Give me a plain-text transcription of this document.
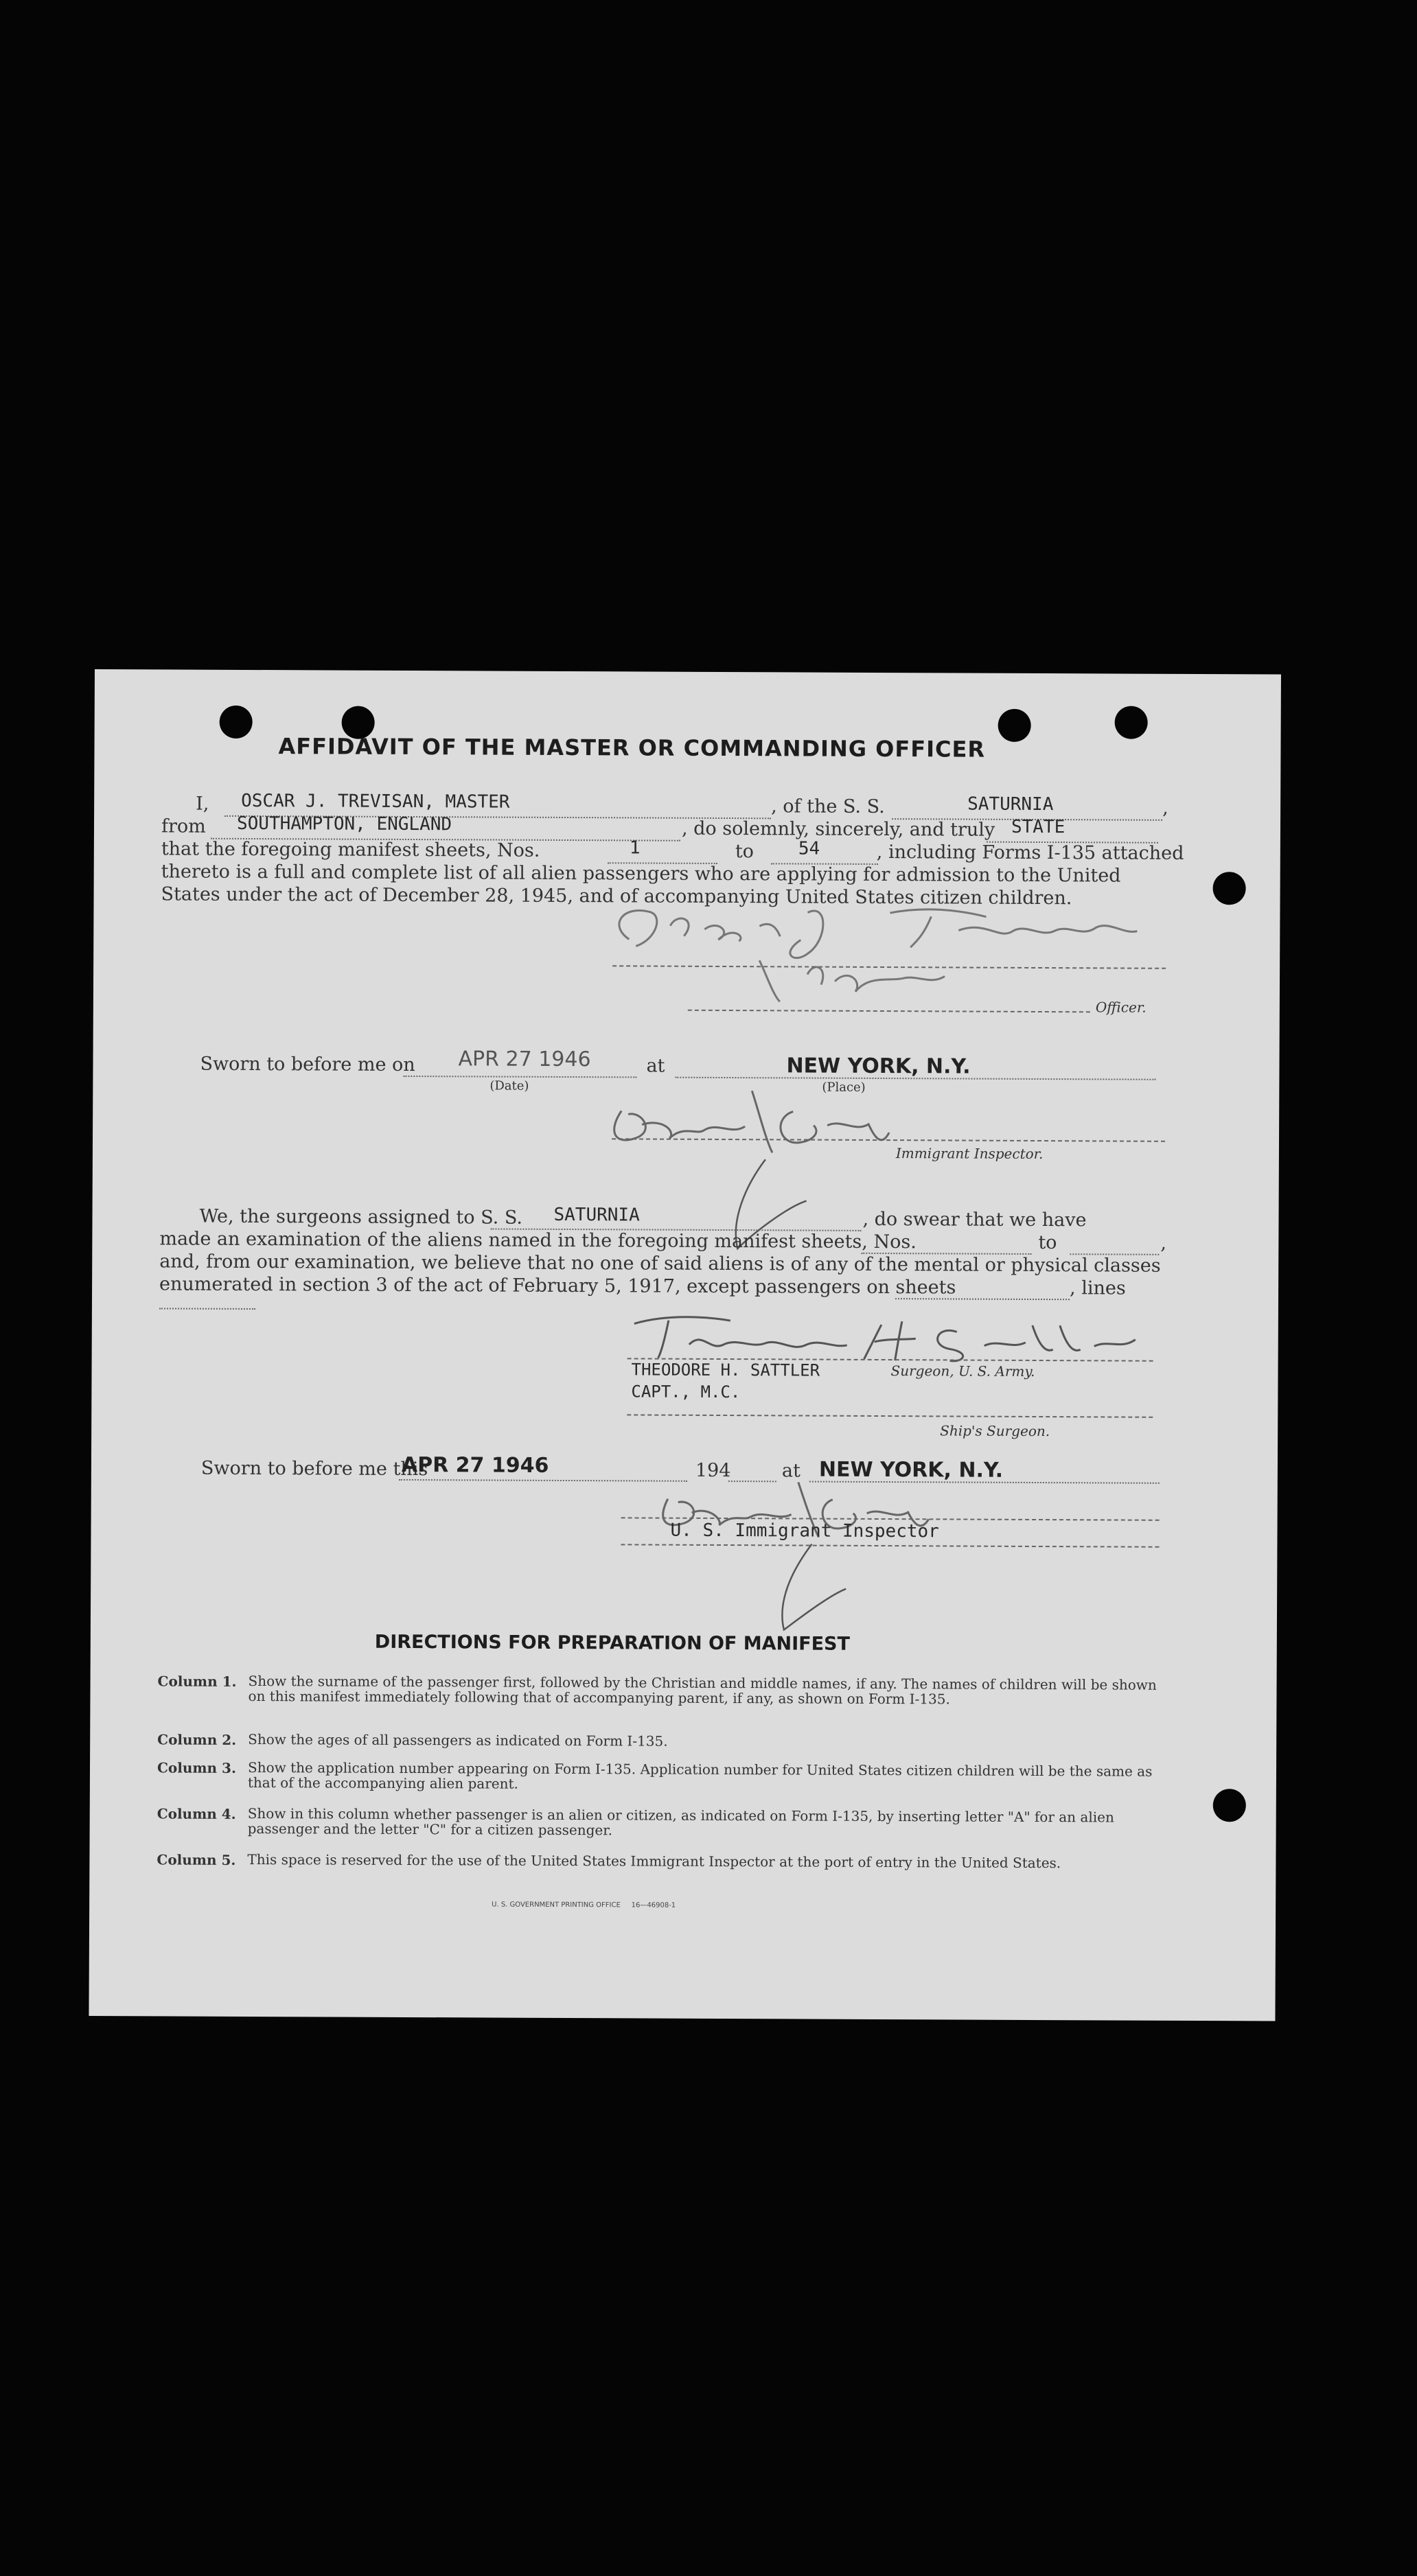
AFFIDAVIT OF THE MASTER OR COMMANDING OFFICER
I, OSCAR J. TREVISAN, MASTER	, of the S. S.	SATURNIA	,
from SOUTHAMPTON, ENGLAND	, do solemnly, sincerely, and truly STATE
that the foregoing manifest sheets, Nos.	1	to 54	, including Forms I-135 attached
thereto is a full and complete list of all alien passengers who are applying for admission to the United
States under the act of December 28, 1945, and of accompanying United States citizen children.
Officer.
Sworn to before me on APR 27 1946
(Date)
at	NEW YORK, N.Y.
(Place)
Immigrant Inspector.
We, the surgeons assigned to S. S. SATURNIA	, do swear that we have
made an examination of the aliens named in the foregoing manifest sheets, Nos.	to	,
and, from our examination, we believe that no one of said aliens is of any of the mental or physical classes
enumerated in section 3 of the act of February 5, 1917, except passengers on sheets	, lines
THEODORE H. SATTLER	Surgeon, U. S. Army.
CAPT., M.C.
Ship's Surgeon.
Sworn to before me this
APR 27 1946	194	at NEW YORK, N.Y.
U. S. Immigrant Inspector
DIRECTIONS FOR PREPARATION OF MANIFEST
Column 1. Show the surname of the passenger first, followed by the Christian and middle names, if any. The names of children will be shown on this manifest immediately following that of accompanying parent, if any, as shown on Form I-135.
Column 2. Show the ages of all passengers as indicated on Form I-135.
Column 3. Show the application number appearing on Form I-135. Application number for United States citizen children will be the same as that of the accompanying alien parent.
Column 4. Show in this column whether passenger is an alien or citizen, as indicated on Form I-135, by inserting letter "A" for an alien passenger and the letter "C" for a citizen passenger.
Column 5. This space is reserved for the use of the United States Immigrant Inspector at the port of entry in the United States.
U. S. GOVERNMENT PRINTING OFFICE     16—46908-1
